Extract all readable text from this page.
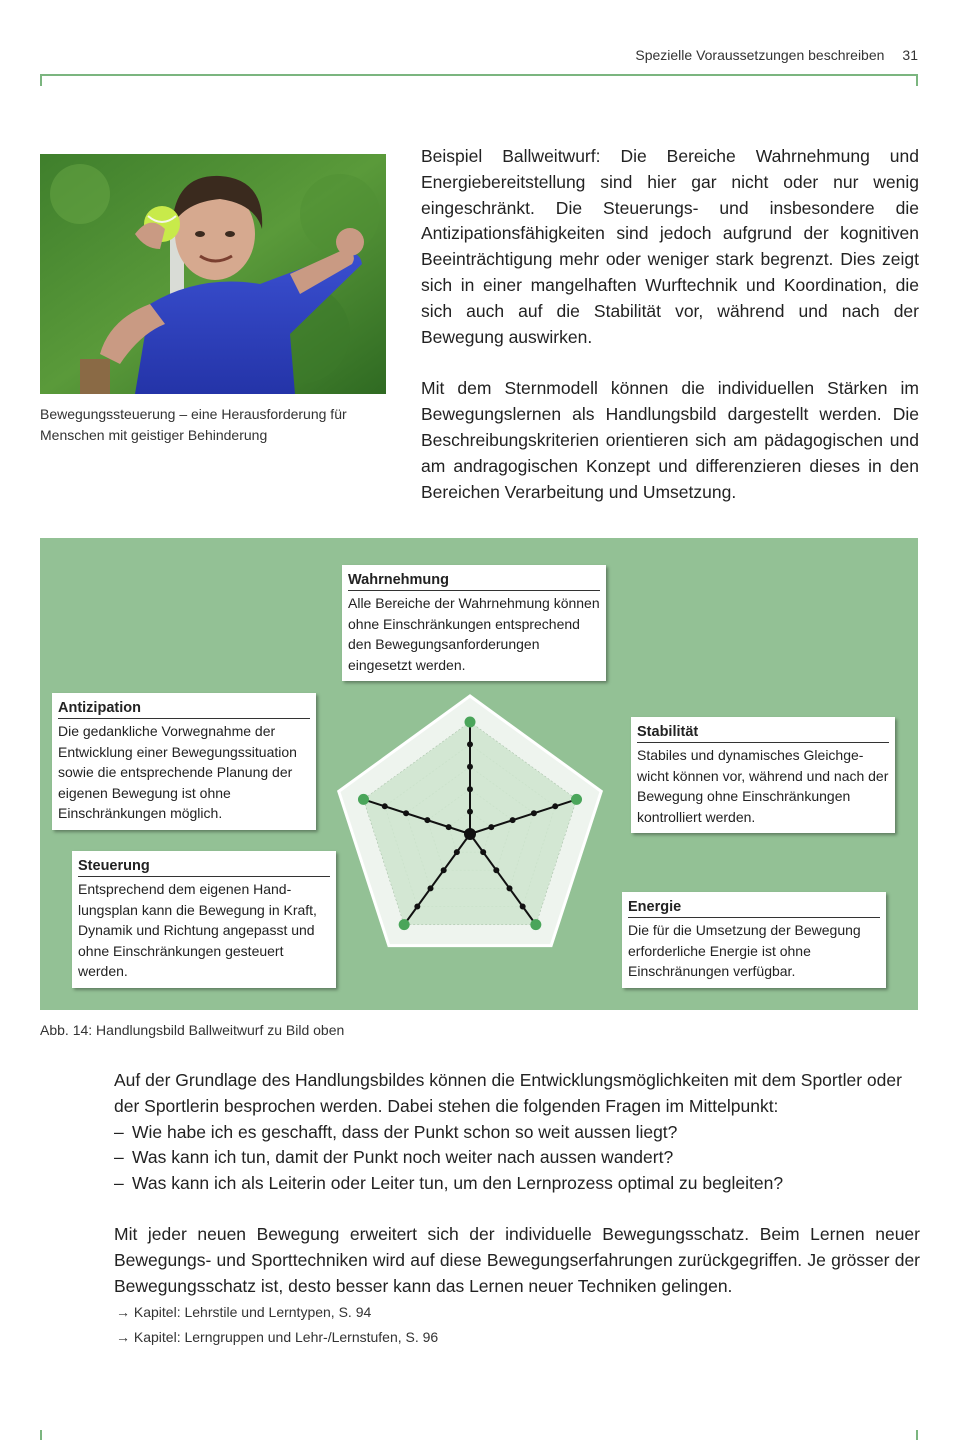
Spezielle Voraussetzungen beschreiben 31
Bewegungssteuerung – eine Herausforderung für Menschen mit geistiger Behinderung

Beispiel Ballweitwurf: Die Bereiche Wahrnehmung und Energiebereitstellung sind hier gar nicht oder nur wenig eingeschränkt. Die Steuerungs- und insbesondere die Antizipationsfähigkeiten sind jedoch aufgrund der kognitiven Beeinträchtigung mehr oder weniger stark begrenzt. Dies zeigt sich in einer mangelhaften Wurftechnik und Koordination, die sich auch auf die Stabilität vor, während und nach der Bewegung auswirken.

Mit dem Sternmodell können die individuellen Stärken im Bewegungslernen als Handlungsbild dargestellt werden. Die Beschreibungskriterien orientieren sich am pädagogischen und am andragogischen Konzept und differenzieren dieses in den Bereichen Verarbeitung und Umsetzung.

Wahrnehmung

Alle Bereiche der Wahrnehmung können ohne Einschränkungen entsprechend den Bewegungsanforderungen eingesetzt werden.

Antizipation

Die gedankliche Vorwegnahme der Entwicklung einer Bewegungssituation sowie die entsprechende Planung der eigenen Bewegung ist ohne Einschränkungen möglich.

Stabilität

Stabiles und dynamisches Gleichgewicht können vor, während und nach der Bewegung ohne Einschränkungen kontrolliert werden.

Steuerung

Entsprechend dem eigenen Handlungsplan kann die Bewegung in Kraft, Dynamik und Richtung angepasst und ohne Einschränkungen gesteuert werden.

Energie

Die für die Umsetzung der Bewegung erforderliche Energie ist ohne Einschränungen verfügbar.

Abb. 14: Handlungsbild Ballweitwurf zu Bild oben

Auf der Grundlage des Handlungsbildes können die Entwicklungsmöglichkeiten mit dem Sportler oder der Sportlerin besprochen werden. Dabei stehen die folgenden Fragen im Mittelpunkt:

– Wie habe ich es geschafft, dass der Punkt schon so weit aussen liegt?
– Was kann ich tun, damit der Punkt noch weiter nach aussen wandert?
– Was kann ich als Leiterin oder Leiter tun, um den Lernprozess optimal zu begleiten?

Mit jeder neuen Bewegung erweitert sich der individuelle Bewegungsschatz. Beim Lernen neuer Bewegungs- und Sporttechniken wird auf diese Bewegungserfahrungen zurückgegriffen. Je grösser der Bewegungsschatz ist, desto besser kann das Lernen neuer Techniken gelingen.

→ Kapitel: Lehrstile und Lerntypen, S. 94
→ Kapitel: Lerngruppen und Lehr-/Lernstufen, S. 96
